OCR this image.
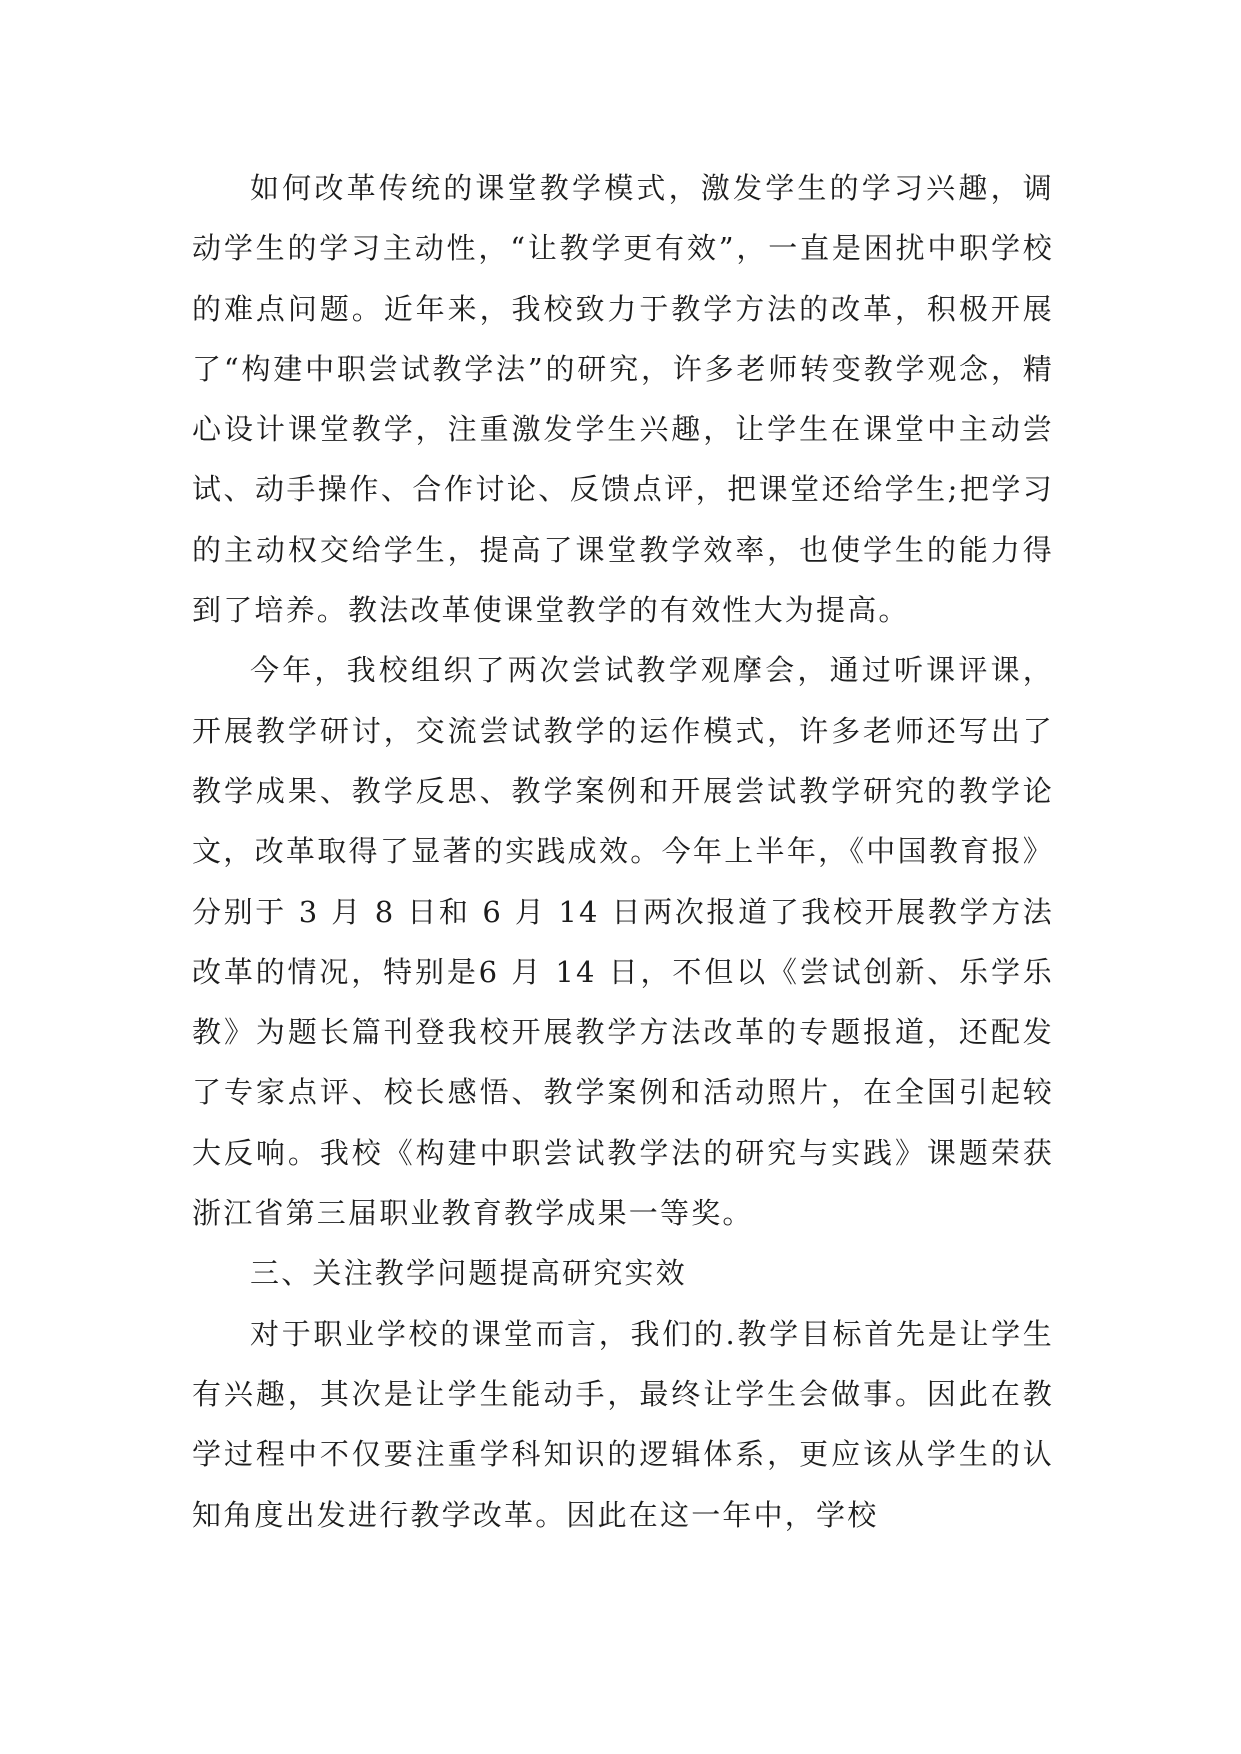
如何改革传统的课堂教学模式，激发学生的学习兴趣，调动学生的学习主动性，“让教学更有效”，一直是困扰中职学校的难点问题。近年来，我校致力于教学方法的改革，积极开展了“构建中职尝试教学法”的研究，许多老师转变教学观念，精心设计课堂教学，注重激发学生兴趣，让学生在课堂中主动尝试、动手操作、合作讨论、反馈点评，把课堂还给学生;把学习的主动权交给学生，提高了课堂教学效率，也使学生的能力得到了培养。教法改革使课堂教学的有效性大为提高。

今年，我校组织了两次尝试教学观摩会，通过听课评课，开展教学研讨，交流尝试教学的运作模式，许多老师还写出了教学成果、教学反思、教学案例和开展尝试教学研究的教学论文，改革取得了显著的实践成效。今年上半年，《中国教育报》分别于 3 月 8 日和 6 月 14 日两次报道了我校开展教学方法改革的情况，特别是6 月 14 日，不但以《尝试创新、乐学乐教》为题长篇刊登我校开展教学方法改革的专题报道，还配发了专家点评、校长感悟、教学案例和活动照片，在全国引起较大反响。我校《构建中职尝试教学法的研究与实践》课题荣获浙江省第三届职业教育教学成果一等奖。

三、关注教学问题提高研究实效

对于职业学校的课堂而言，我们的.教学目标首先是让学生有兴趣，其次是让学生能动手，最终让学生会做事。因此在教学过程中不仅要注重学科知识的逻辑体系，更应该从学生的认知角度出发进行教学改革。因此在这一年中，学校
